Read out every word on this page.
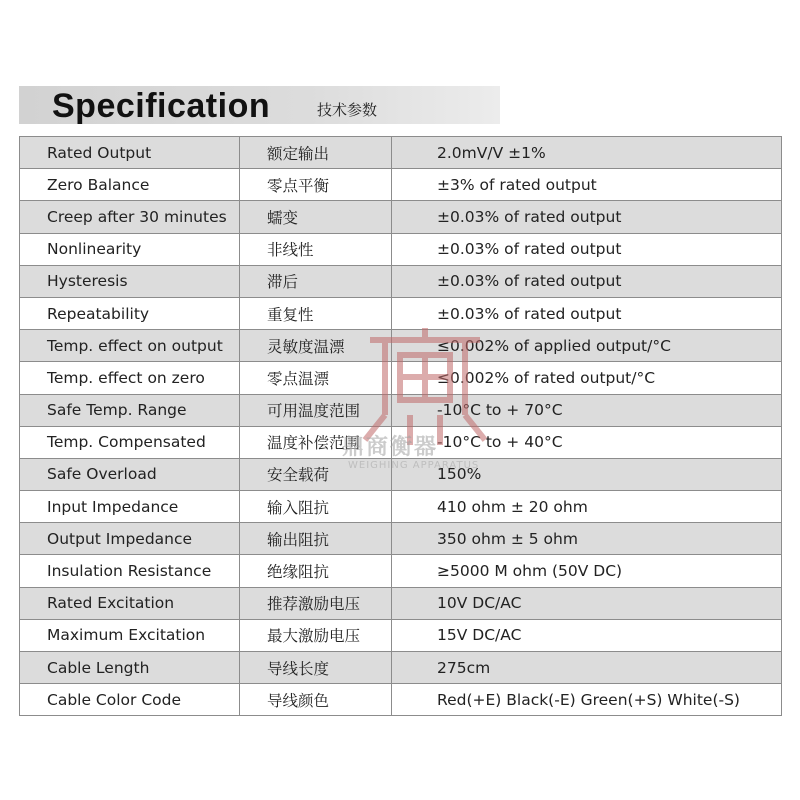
Specification	技术参数
Rated Output	额定输出	2.0mV/V ±1%
Zero Balance	零点平衡	±3% of rated output
Creep after 30 minutes	蠕变	±0.03% of rated output
Nonlinearity	非线性	±0.03% of rated output
Hysteresis	滞后	±0.03% of rated output
Repeatability	重复性	±0.03% of rated output
Temp. effect on output	灵敏度温漂	≤0.002% of applied output/°C
Temp. effect on zero	零点温漂	≤0.002% of rated output/°C
Safe Temp. Range	可用温度范围	-10°C to + 70°C
Temp. Compensated	温度补偿范围	-10°C to + 40°C
Safe Overload	安全载荷	150%
Input Impedance	输入阻抗	410 ohm ± 20 ohm
Output Impedance	输出阻抗	350 ohm ± 5 ohm
Insulation Resistance	绝缘阻抗	≥5000 M ohm (50V DC)
Rated Excitation	推荐激励电压	10V DC/AC
Maximum Excitation	最大激励电压	15V DC/AC
Cable Length	导线长度	275cm
Cable Color Code	导线颜色	Red(+E) Black(-E) Green(+S) White(-S)
鼎商衡器
WEIGHING APPARATUS
